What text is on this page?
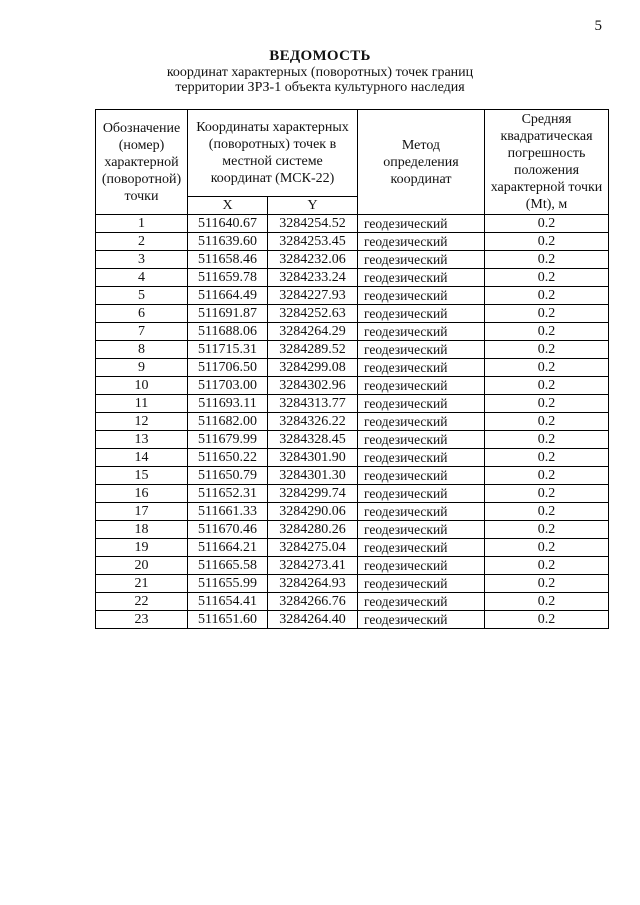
5
ВЕДОМОСТЬ
координат характерных (поворотных) точек границ
территории ЗРЗ-1 объекта культурного наследия
Обозначение (номер) характерной (поворотной) точки	Координаты характерных (поворотных) точек в местной системе координат (МСК-22)		Метод определения координат	Средняя квадратическая погрешность положения характерной точки (Мt), м
	X	Y		
1	511640.67	3284254.52	геодезический	0.2
2	511639.60	3284253.45	геодезический	0.2
3	511658.46	3284232.06	геодезический	0.2
4	511659.78	3284233.24	геодезический	0.2
5	511664.49	3284227.93	геодезический	0.2
6	511691.87	3284252.63	геодезический	0.2
7	511688.06	3284264.29	геодезический	0.2
8	511715.31	3284289.52	геодезический	0.2
9	511706.50	3284299.08	геодезический	0.2
10	511703.00	3284302.96	геодезический	0.2
11	511693.11	3284313.77	геодезический	0.2
12	511682.00	3284326.22	геодезический	0.2
13	511679.99	3284328.45	геодезический	0.2
14	511650.22	3284301.90	геодезический	0.2
15	511650.79	3284301.30	геодезический	0.2
16	511652.31	3284299.74	геодезический	0.2
17	511661.33	3284290.06	геодезический	0.2
18	511670.46	3284280.26	геодезический	0.2
19	511664.21	3284275.04	геодезический	0.2
20	511665.58	3284273.41	геодезический	0.2
21	511655.99	3284264.93	геодезический	0.2
22	511654.41	3284266.76	геодезический	0.2
23	511651.60	3284264.40	геодезический	0.2
